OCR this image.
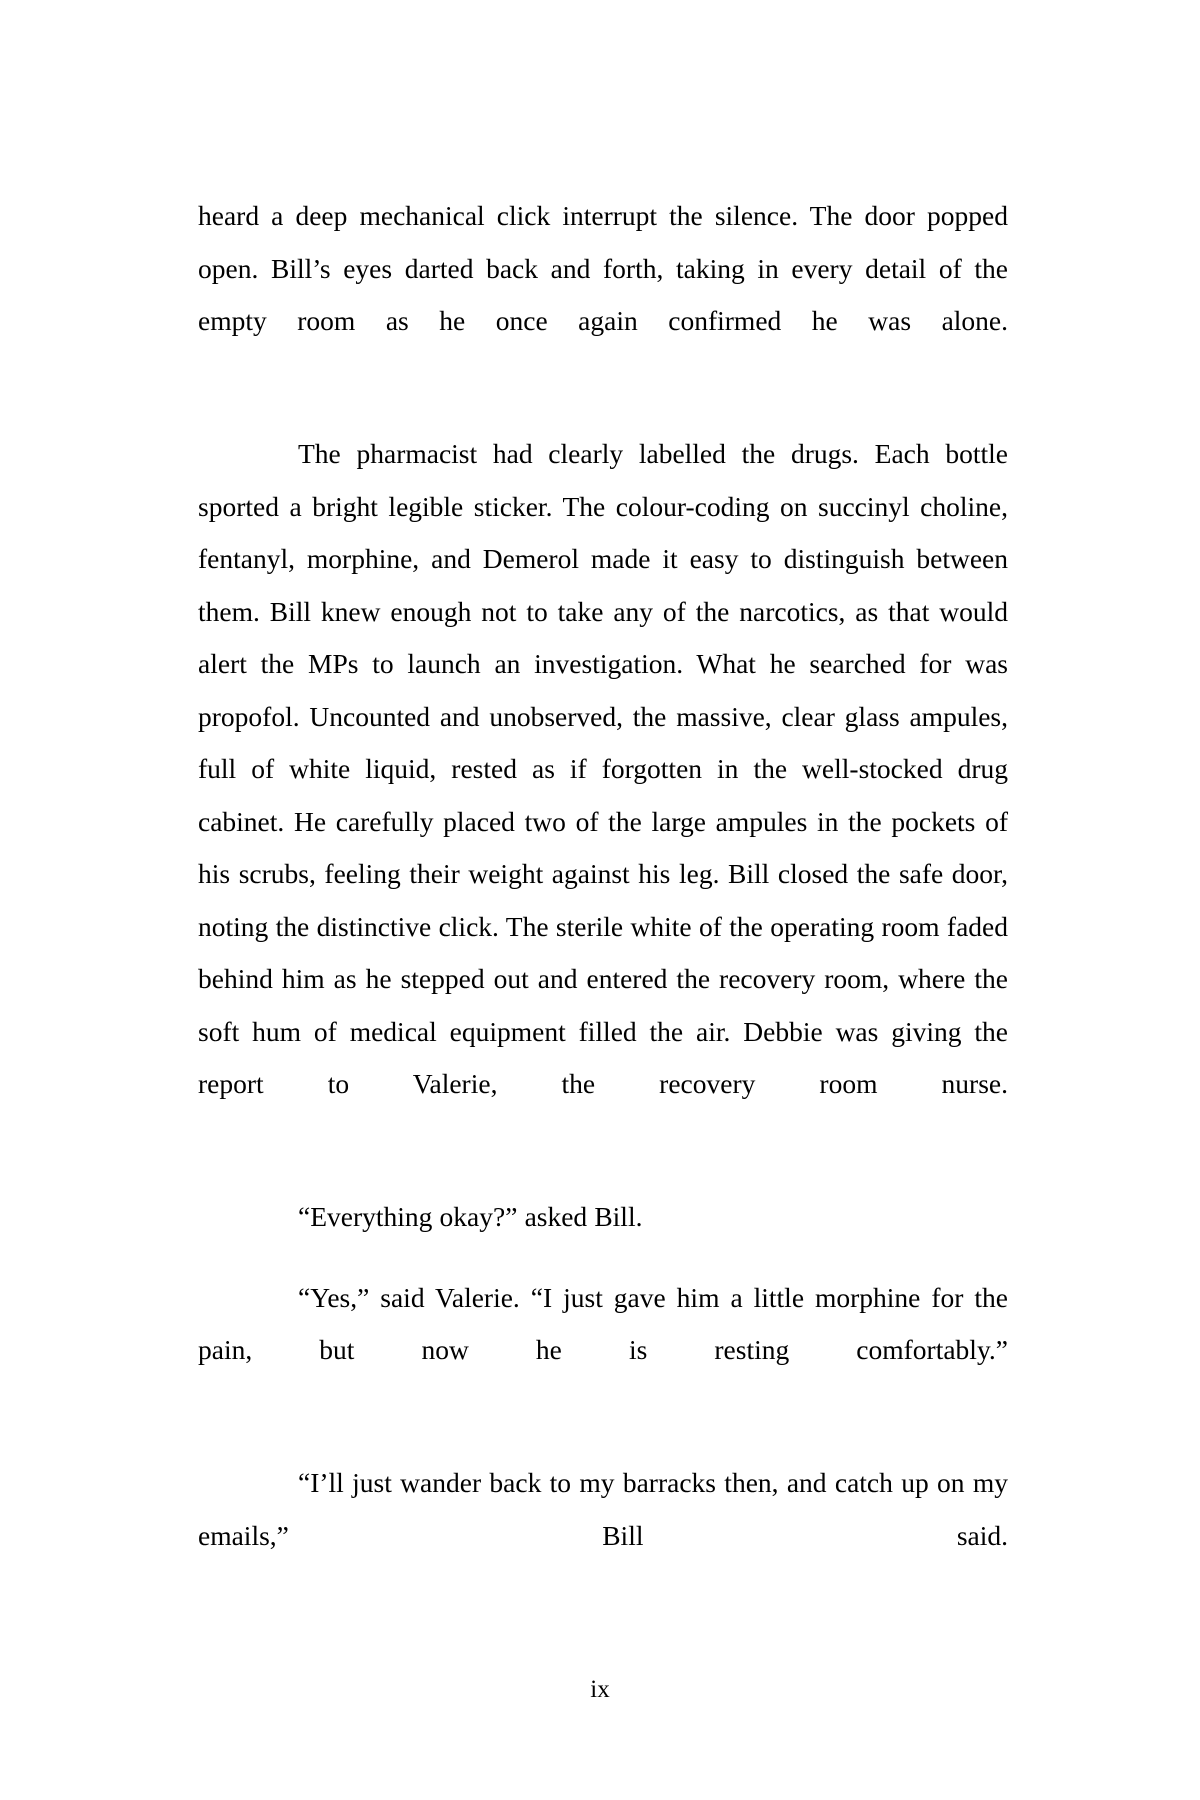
heard a deep mechanical click interrupt the silence. The door popped open. Bill’s eyes darted back and forth, taking in every detail of the empty room as he once again confirmed he was alone.

The pharmacist had clearly labelled the drugs. Each bottle sported a bright legible sticker. The colour-coding on succinyl choline, fentanyl, morphine, and Demerol made it easy to distinguish between them. Bill knew enough not to take any of the narcotics, as that would alert the MPs to launch an investigation. What he searched for was propofol. Uncounted and unobserved, the massive, clear glass ampules, full of white liquid, rested as if forgotten in the well-stocked drug cabinet. He carefully placed two of the large ampules in the pockets of his scrubs, feeling their weight against his leg. Bill closed the safe door, noting the distinctive click. The sterile white of the operating room faded behind him as he stepped out and entered the recovery room, where the soft hum of medical equipment filled the air. Debbie was giving the report to Valerie, the recovery room nurse.

“Everything okay?” asked Bill.

“Yes,” said Valerie. “I just gave him a little morphine for the pain, but now he is resting comfortably.”

“I’ll just wander back to my barracks then, and catch up on my emails,” Bill said.

ix
